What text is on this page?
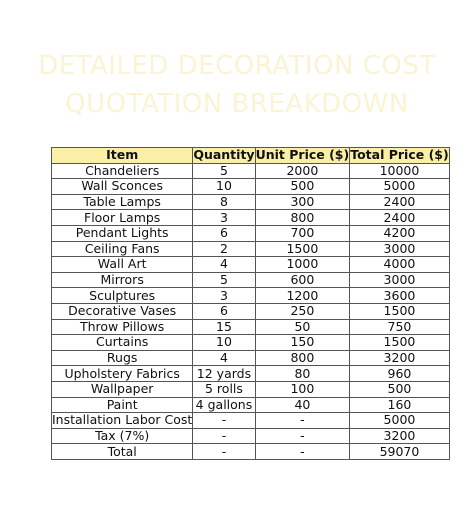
DETAILED DECORATION COST
QUOTATION BREAKDOWN
Item	Quantity	Unit Price ($)	Total Price ($)
Chandeliers	5	2000	10000
Wall Sconces	10	500	5000
Table Lamps	8	300	2400
Floor Lamps	3	800	2400
Pendant Lights	6	700	4200
Ceiling Fans	2	1500	3000
Wall Art	4	1000	4000
Mirrors	5	600	3000
Sculptures	3	1200	3600
Decorative Vases	6	250	1500
Throw Pillows	15	50	750
Curtains	10	150	1500
Rugs	4	800	3200
Upholstery Fabrics	12 yards	80	960
Wallpaper	5 rolls	100	500
Paint	4 gallons	40	160
Installation Labor Cost	-	-	5000
Tax (7%)	-	-	3200
Total	-	-	59070
